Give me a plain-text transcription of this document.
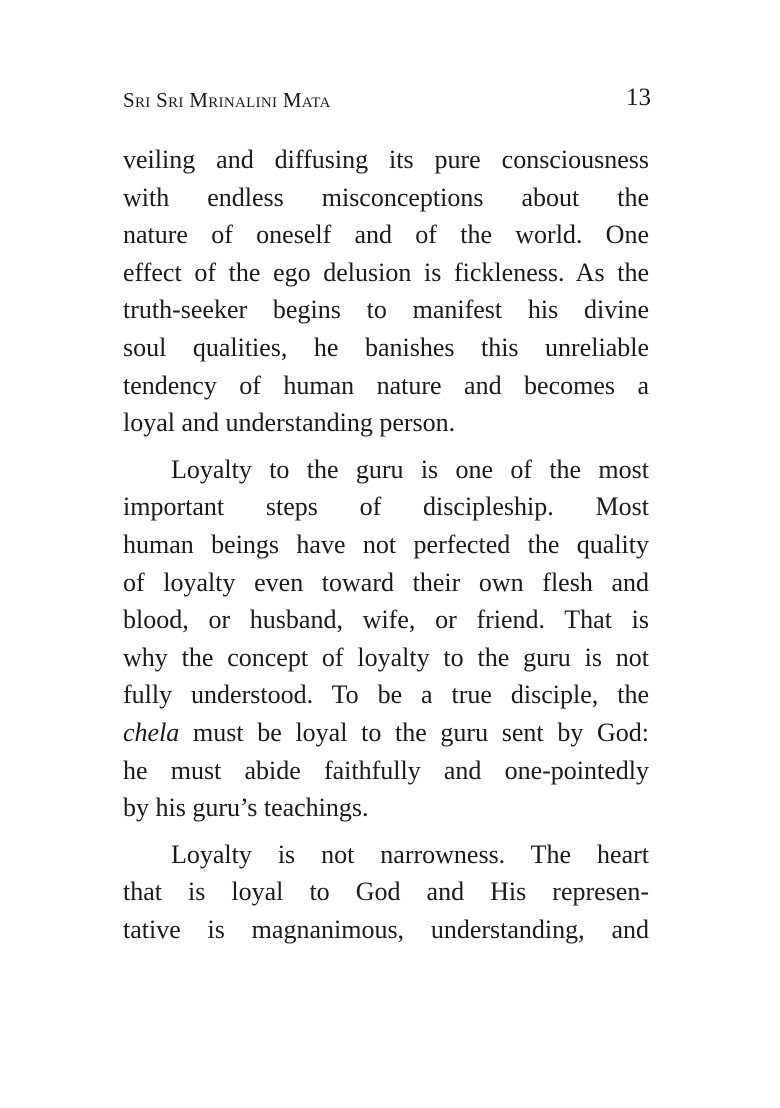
Sri Sri Mrinalini Mata	13

veiling and diffusing its pure consciousness
with endless misconceptions about the
nature of oneself and of the world. One
effect of the ego delusion is fickleness. As the
truth-seeker begins to manifest his divine
soul qualities, he banishes this unreliable
tendency of human nature and becomes a
loyal and understanding person.

Loyalty to the guru is one of the most
important steps of discipleship. Most
human beings have not perfected the quality
of loyalty even toward their own flesh and
blood, or husband, wife, or friend. That is
why the concept of loyalty to the guru is not
fully understood. To be a true disciple, the
chela must be loyal to the guru sent by God:
he must abide faithfully and one-pointedly
by his guru’s teachings.

Loyalty is not narrowness. The heart
that is loyal to God and His represen-
tative is magnanimous, understanding, and
